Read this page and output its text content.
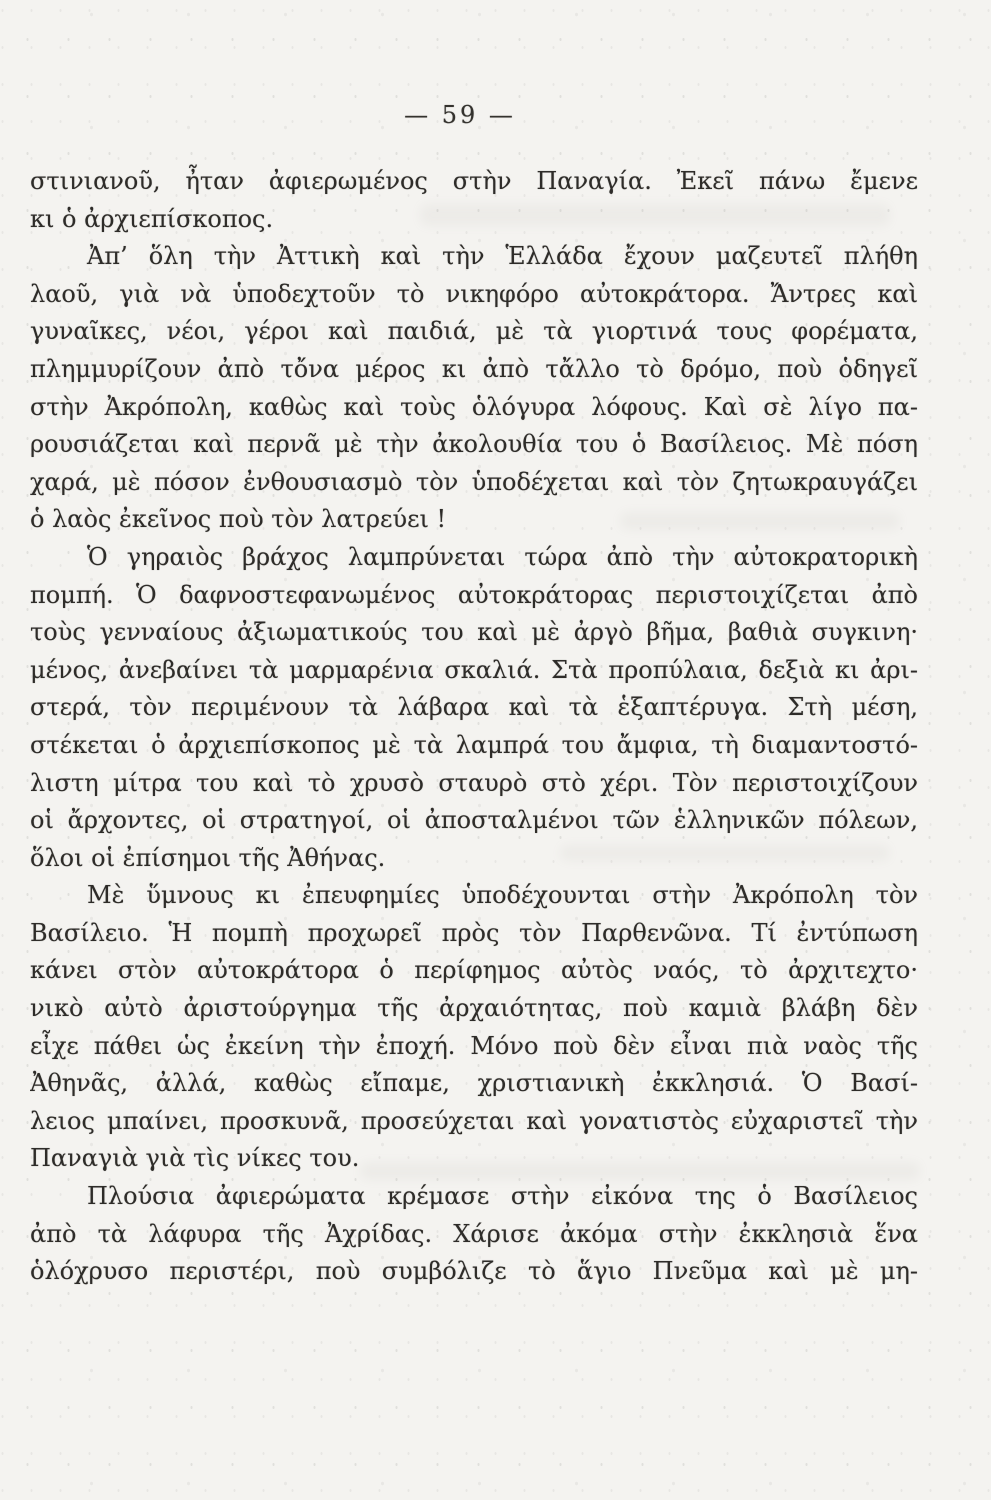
— 59 —
στινιανοῦ, ἦταν ἀφιερωμένος στὴν Παναγία. Ἐκεῖ πάνω ἔμενε
κι ὁ ἀρχιεπίσκοπος.
Ἀπ’ ὅλη τὴν Ἀττικὴ καὶ τὴν Ἑλλάδα ἔχουν μαζευτεῖ πλήθη
λαοῦ, γιὰ νὰ ὑποδεχτοῦν τὸ νικηφόρο αὐτοκράτορα. Ἄντρες καὶ
γυναῖκες, νέοι, γέροι καὶ παιδιά, μὲ τὰ γιορτινά τους φορέματα,
πλημμυρίζουν ἀπὸ τὄνα μέρος κι ἀπὸ τἄλλο τὸ δρόμο, ποὺ ὁδηγεῖ
στὴν Ἀκρόπολη, καθὼς καὶ τοὺς ὁλόγυρα λόφους. Καὶ σὲ λίγο πα-
ρουσιάζεται καὶ περνᾶ μὲ τὴν ἀκολουθία του ὁ Βασίλειος. Μὲ πόση
χαρά, μὲ πόσον ἐνθουσιασμὸ τὸν ὑποδέχεται καὶ τὸν ζητωκραυγάζει
ὁ λαὸς ἐκεῖνος ποὺ τὸν λατρεύει !
Ὁ γηραιὸς βράχος λαμπρύνεται τώρα ἀπὸ τὴν αὐτοκρατορικὴ
πομπή. Ὁ δαφνοστεφανωμένος αὐτοκράτορας περιστοιχίζεται ἀπὸ
τοὺς γενναίους ἀξιωματικούς του καὶ μὲ ἀργὸ βῆμα, βαθιὰ συγκινη·
μένος, ἀνεβαίνει τὰ μαρμαρένια σκαλιά. Στὰ προπύλαια, δεξιὰ κι ἀρι-
στερά, τὸν περιμένουν τὰ λάβαρα καὶ τὰ ἑξαπτέρυγα. Στὴ μέση,
στέκεται ὁ ἀρχιεπίσκοπος μὲ τὰ λαμπρά του ἄμφια, τὴ διαμαντοστό-
λιστη μίτρα του καὶ τὸ χρυσὸ σταυρὸ στὸ χέρι. Τὸν περιστοιχίζουν
οἱ ἄρχοντες, οἱ στρατηγοί, οἱ ἀποσταλμένοι τῶν ἑλληνικῶν πόλεων,
ὅλοι οἱ ἐπίσημοι τῆς Ἀθήνας.
Μὲ ὕμνους κι ἐπευφημίες ὑποδέχουνται στὴν Ἀκρόπολη τὸν
Βασίλειο. Ἡ πομπὴ προχωρεῖ πρὸς τὸν Παρθενῶνα. Τί ἐντύπωση
κάνει στὸν αὐτοκράτορα ὁ περίφημος αὐτὸς ναός, τὸ ἀρχιτεχτο·
νικὸ αὐτὸ ἀριστούργημα τῆς ἀρχαιότητας, ποὺ καμιὰ βλάβη δὲν
εἶχε πάθει ὡς ἐκείνη τὴν ἐποχή. Μόνο ποὺ δὲν εἶναι πιὰ ναὸς τῆς
Ἀθηνᾶς, ἀλλά, καθὼς εἴπαμε, χριστιανικὴ ἐκκλησιά. Ὁ Βασί-
λειος μπαίνει, προσκυνᾶ, προσεύχεται καὶ γονατιστὸς εὐχαριστεῖ τὴν
Παναγιὰ γιὰ τὶς νίκες του.
Πλούσια ἀφιερώματα κρέμασε στὴν εἰκόνα της ὁ Βασίλειος
ἀπὸ τὰ λάφυρα τῆς Ἀχρίδας. Χάρισε ἀκόμα στὴν ἐκκλησιὰ ἕνα
ὁλόχρυσο περιστέρι, ποὺ συμβόλιζε τὸ ἅγιο Πνεῦμα καὶ μὲ μη-
